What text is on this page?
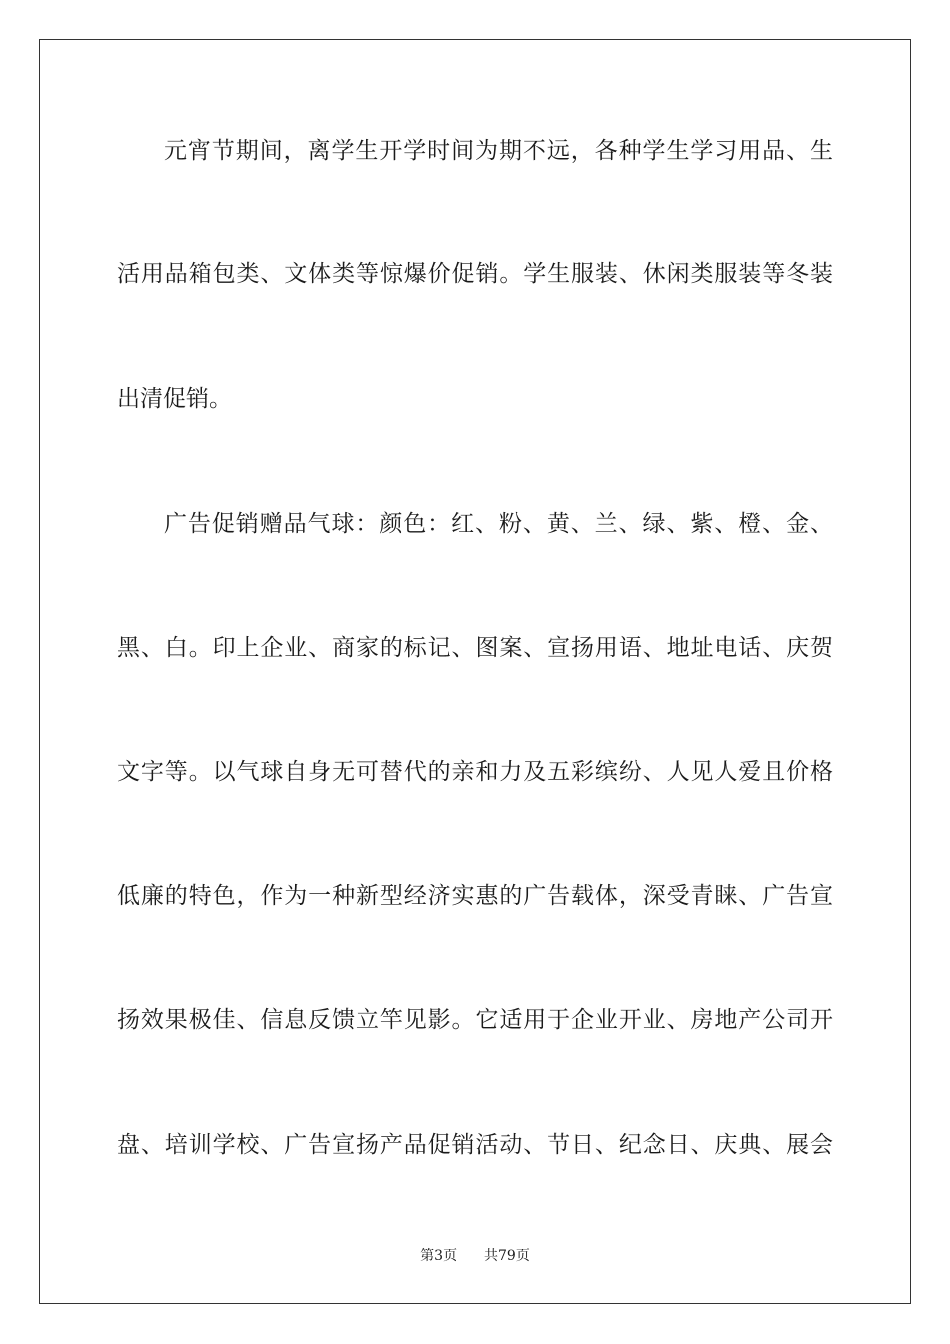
元宵节期间，离学生开学时间为期不远，各种学生学习用品、生
活用品箱包类、文体类等惊爆价促销。学生服装、休闲类服装等冬装
出清促销。
广告促销赠品气球：颜色：红、粉、黄、兰、绿、紫、橙、金、
黑、白。印上企业、商家的标记、图案、宣扬用语、地址电话、庆贺
文字等。以气球自身无可替代的亲和力及五彩缤纷、人见人爱且价格
低廉的特色，作为一种新型经济实惠的广告载体，深受青睐、广告宣
扬效果极佳、信息反馈立竿见影。它适用于企业开业、房地产公司开
盘、培训学校、广告宣扬产品促销活动、节日、纪念日、庆典、展会
第3页 共79页
